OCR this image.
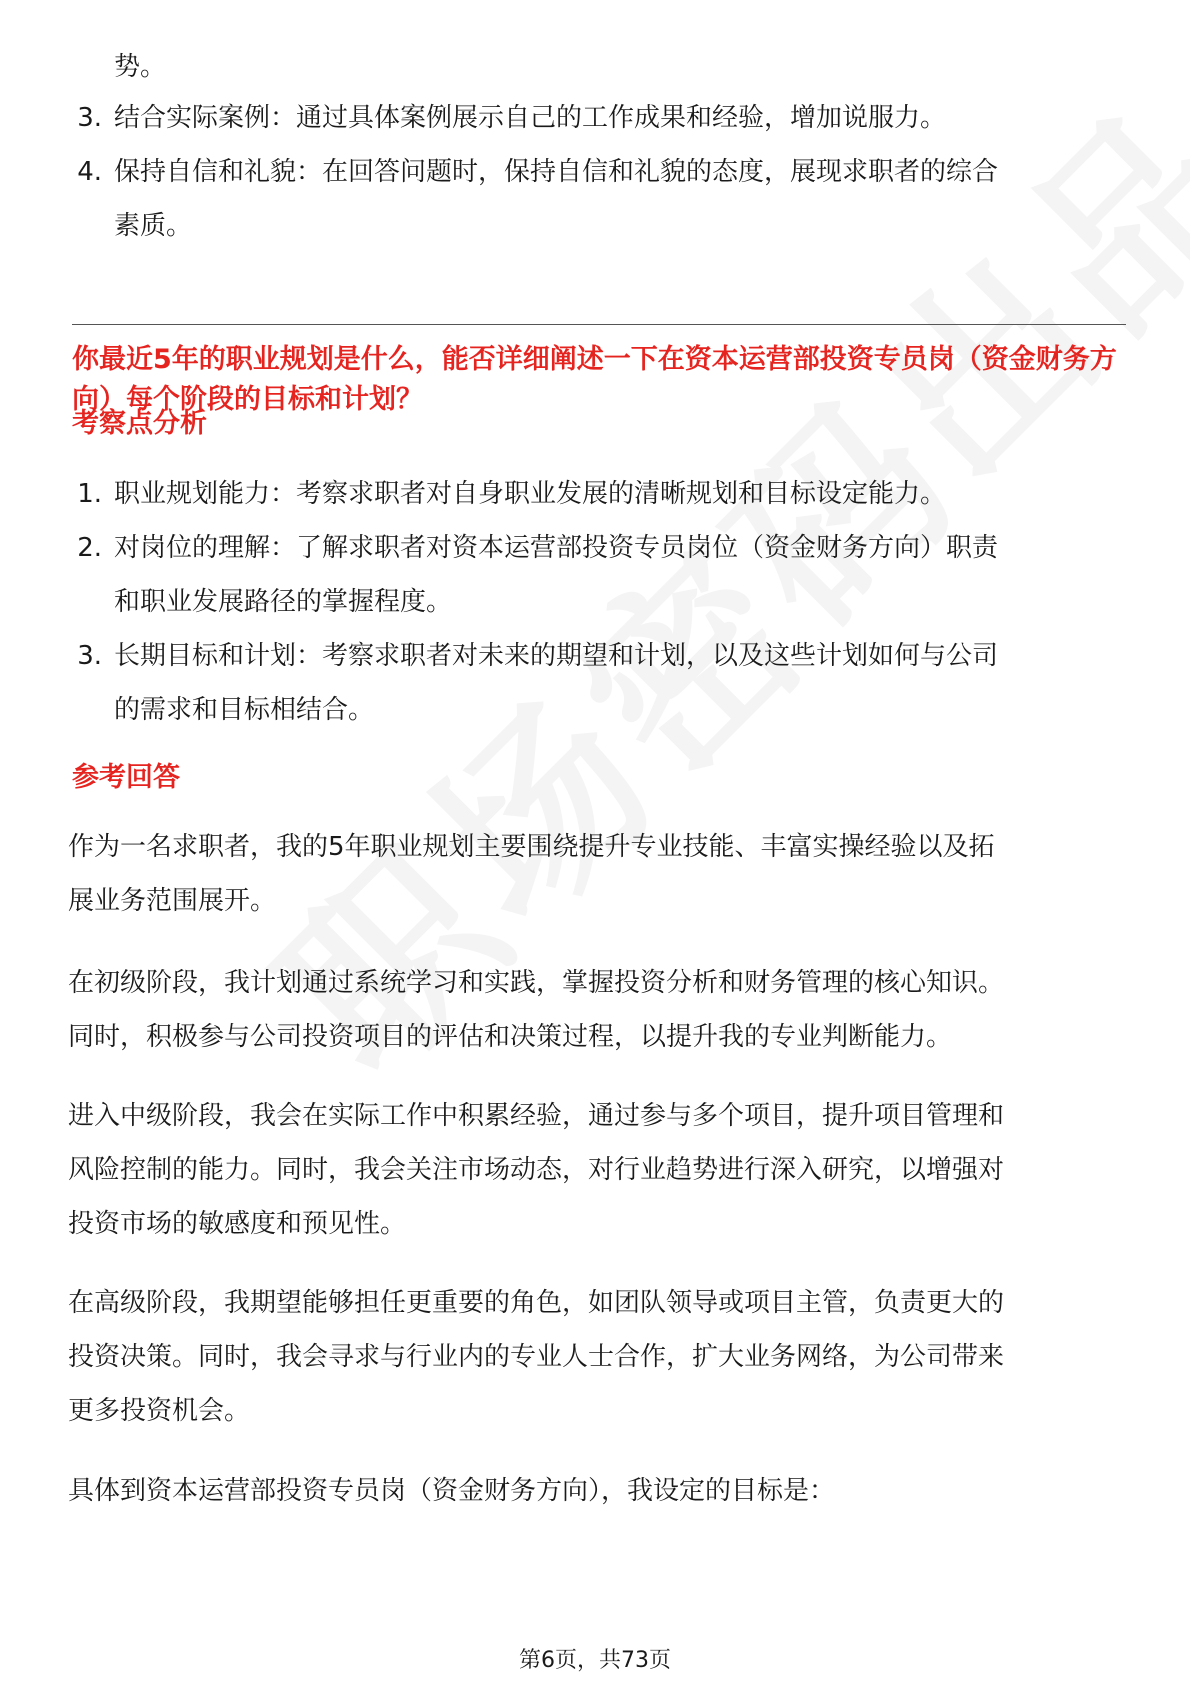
势。
3. 结合实际案例：通过具体案例展示自己的工作成果和经验，增加说服力。
4. 保持自信和礼貌：在回答问题时，保持自信和礼貌的态度，展现求职者的综合
素质。
你最近5年的职业规划是什么，能否详细阐述一下在资本运营部投资专员岗（资金财务方向）每个阶段的目标和计划？
考察点分析
1. 职业规划能力：考察求职者对自身职业发展的清晰规划和目标设定能力。
2. 对岗位的理解：了解求职者对资本运营部投资专员岗位（资金财务方向）职责
和职业发展路径的掌握程度。
3. 长期目标和计划：考察求职者对未来的期望和计划，以及这些计划如何与公司
的需求和目标相结合。
参考回答
作为一名求职者，我的5年职业规划主要围绕提升专业技能、丰富实操经验以及拓
展业务范围展开。
在初级阶段，我计划通过系统学习和实践，掌握投资分析和财务管理的核心知识。
同时，积极参与公司投资项目的评估和决策过程，以提升我的专业判断能力。
进入中级阶段，我会在实际工作中积累经验，通过参与多个项目，提升项目管理和
风险控制的能力。同时，我会关注市场动态，对行业趋势进行深入研究，以增强对
投资市场的敏感度和预见性。
在高级阶段，我期望能够担任更重要的角色，如团队领导或项目主管，负责更大的
投资决策。同时，我会寻求与行业内的专业人士合作，扩大业务网络，为公司带来
更多投资机会。
具体到资本运营部投资专员岗（资金财务方向），我设定的目标是：
第6页，共73页
